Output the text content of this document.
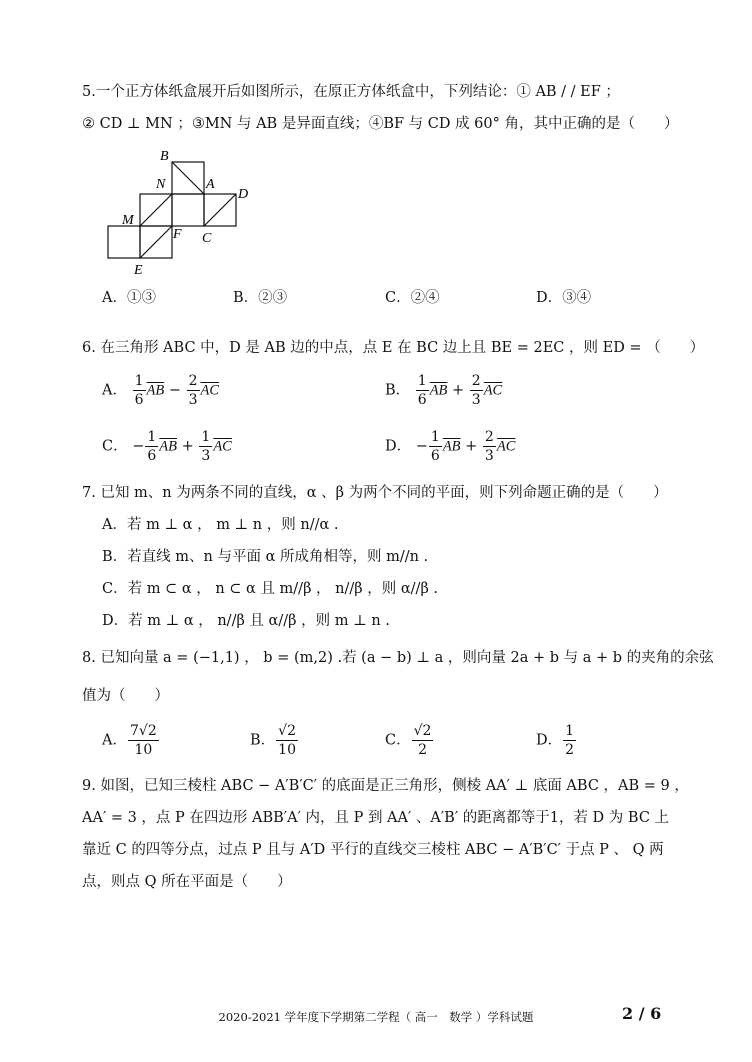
5.一个正方体纸盒展开后如图所示，在原正方体纸盒中，下列结论：① AB / / EF ；
② CD ⊥ MN ；③MN 与 AB 是异面直线；④BF 与 CD 成 60° 角，其中正确的是（　　）
B
N	A
D
M
F C
E
A．①③	B．②③	C．②④	D．③④
6. 在三角形 ABC 中，D 是 AB 边的中点，点 E 在 BC 边上且 BE = 2EC ，则 ED = （　　）
A． $\frac{1}{6} \overline{AB} - \frac{2}{3} \overline{AC}$	B． $\frac{1}{6} \overline{AB} + \frac{2}{3} \overline{AC}$
C． − $\frac{1}{6} \overline{AB} + \frac{1}{3} \overline{AC}$	D． − $\frac{1}{6} \overline{AB} + \frac{2}{3} \overline{AC}$
7. 已知 m、n 为两条不同的直线，α 、β 为两个不同的平面，则下列命题正确的是（　　）
A．若 m ⊥ α ， m ⊥ n ，则 n//α .
B．若直线 m、n 与平面 α 所成角相等，则 m//n .
C．若 m ⊂ α ， n ⊂ α 且 m//β ， n//β ，则 α//β .
D．若 m ⊥ α ， n//β 且 α//β ，则 m ⊥ n .
8. 已知向量 a = (−1,1) ， b = (m,2) .若 (a − b) ⊥ a ，则向量 2a + b 与 a + b 的夹角的余弦
值为（　　）
A． $\frac{7√2}{10}$	B． $\frac{√2}{10}$	C． $\frac{√2}{2}$	D． $\frac{1}{2}$
9. 如图，已知三棱柱 ABC − A′B′C′ 的底面是正三角形，侧棱 AA′ ⊥ 底面 ABC ，AB = 9 ，
AA′ = 3 ，点 P 在四边形 ABB′A′ 内，且 P 到 AA′ 、A′B′ 的距离都等于1，若 D 为 BC 上
靠近 C 的四等分点，过点 P 且与 A′D 平行的直线交三棱柱 ABC − A′B′C′ 于点 P 、 Q 两
点，则点 Q 所在平面是（　　）
2020-2021 学年度下学期第二学程（ 高一　数学 ）学科试题	2 / 6
